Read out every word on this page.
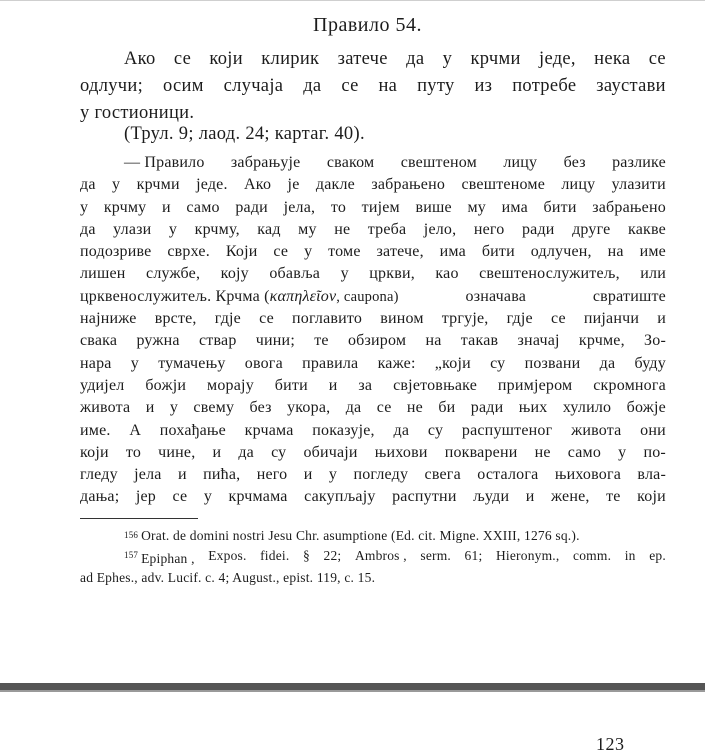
Правило 54.
Ако се који клирик затече да у крчми једе, нека се
одлучи; осим случаја да се на путу из потребе заустави
у гостионици.
(Трул. 9; лаод. 24; картаг. 40).
— Правило забрањује сваком свештеном лицу без разлике
да у крчми једе. Ако је дакле забрањено свештеноме лицу улазити
у крчму и само ради јела, то тијем више му има бити забрањено
да улази у крчму, кад му не треба јело, него ради друге какве
подозриве сврхе. Који се у томе затече, има бити одлучен, на име
лишен службе, коју обавља у цркви, као свештенослужитељ, или
црквенослужитељ. Крчма (καπηλεῖον, caupona)	означава	свратиште
најниже врсте, гдје се поглавито вином тргује, гдје се пијанчи и
свака ружна ствар чини; те обзиром на такав значај крчме, Зо-
нара у тумачењу овога правила каже: „који су позвани да буду
удијел божји морају бити и за свјетовњаке примјером скромнога
живота и у свему без укора, да се не би ради њих хулило божје
име. А похађање крчама показује, да су распуштеног живота они
који то чине, и да су обичаји њихови покварени не само у по-
гледу јела и пића, него и у погледу свега осталога њиховога вла-
дања; јер се у крчмама сакупљају распутни људи и жене, те који
156 Orat. de domini nostri Jesu Chr. asumptione (Ed. cit. Migne. XXIII, 1276 sq.).
$^{157}$ Epiphan , Expos. fidei. § 22; Ambros , serm. 61; Hieronym., comm. in ep.
ad Ephes., adv. Lucif. c. 4; August., epist. 119, c. 15.
123
